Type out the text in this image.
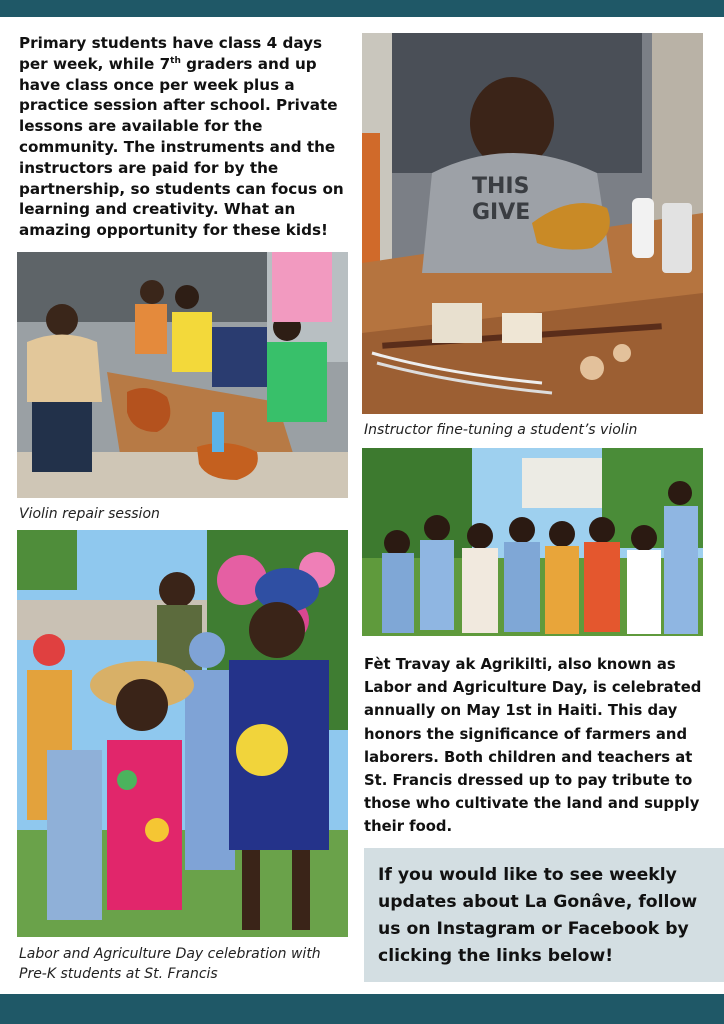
Primary students have class 4 days per week, while 7th graders and up have class once per week plus a practice session after school. Private lessons are available for the community. The instruments and the instructors are paid for by the partnership, so students can focus on learning and creativity. What an amazing opportunity for these kids!
THIS
GIVE
Instructor fine-tuning a student’s violin
Violin repair session
Labor and Agriculture Day celebration with Pre-K students at St. Francis
Fèt Travay ak Agrikilti, also known as Labor and Agriculture Day, is celebrated annually on May 1st in Haiti. This day honors the significance of farmers and laborers. Both children and teachers at St. Francis dressed up to pay tribute to those who cultivate the land and supply their food.

If you would like to see weekly updates about La Gonâve, follow us on Instagram or Facebook by clicking the links below!
